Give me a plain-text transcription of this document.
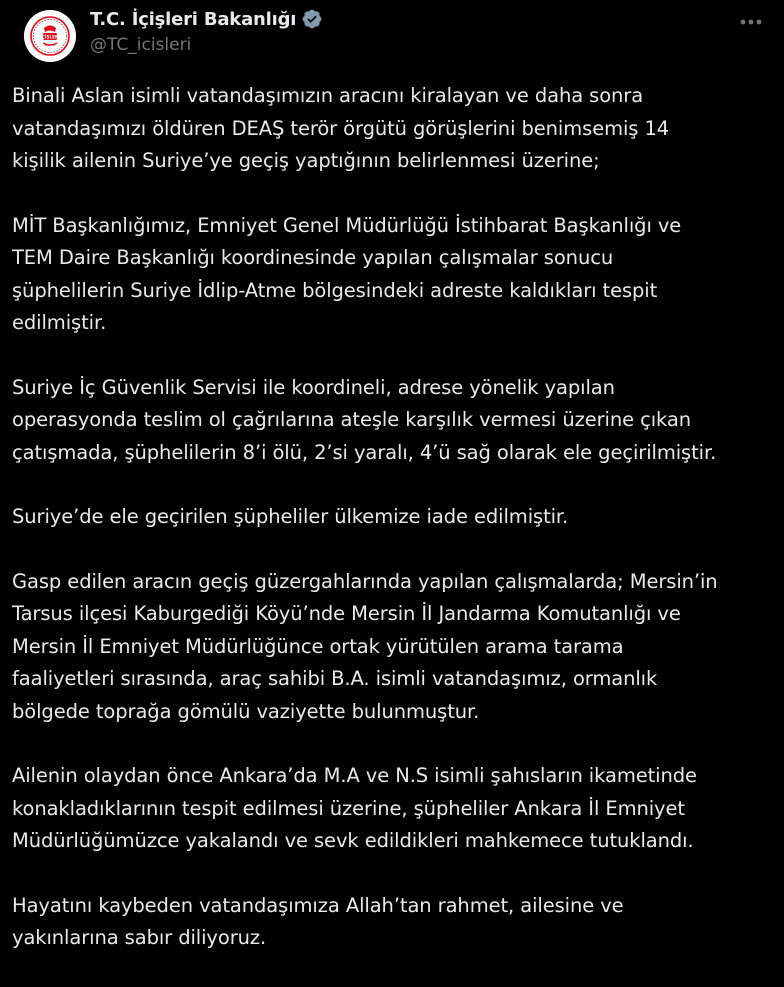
İÇİŞLERİ
T.C. İçişleri Bakanlığı
@TC_icisleri

Binali Aslan isimli vatandaşımızın aracını kiralayan ve daha sonra
vatandaşımızı öldüren DEAŞ terör örgütü görüşlerini benimsemiş 14
kişilik ailenin Suriye’ye geçiş yaptığının belirlenmesi üzerine;

MİT Başkanlığımız, Emniyet Genel Müdürlüğü İstihbarat Başkanlığı ve
TEM Daire Başkanlığı koordinesinde yapılan çalışmalar sonucu
şüphelilerin Suriye İdlip-Atme bölgesindeki adreste kaldıkları tespit
edilmiştir.

Suriye İç Güvenlik Servisi ile koordineli, adrese yönelik yapılan
operasyonda teslim ol çağrılarına ateşle karşılık vermesi üzerine çıkan
çatışmada, şüphelilerin 8’i ölü, 2’si yaralı, 4’ü sağ olarak ele geçirilmiştir.

Suriye’de ele geçirilen şüpheliler ülkemize iade edilmiştir.

Gasp edilen aracın geçiş güzergahlarında yapılan çalışmalarda; Mersin’in
Tarsus ilçesi Kaburgediği Köyü’nde Mersin İl Jandarma Komutanlığı ve
Mersin İl Emniyet Müdürlüğünce ortak yürütülen arama tarama
faaliyetleri sırasında, araç sahibi B.A. isimli vatandaşımız, ormanlık
bölgede toprağa gömülü vaziyette bulunmuştur.

Ailenin olaydan önce Ankara’da M.A ve N.S isimli şahısların ikametinde
konakladıklarının tespit edilmesi üzerine, şüpheliler Ankara İl Emniyet
Müdürlüğümüzce yakalandı ve sevk edildikleri mahkemece tutuklandı.

Hayatını kaybeden vatandaşımıza Allah’tan rahmet, ailesine ve
yakınlarına sabır diliyoruz.
